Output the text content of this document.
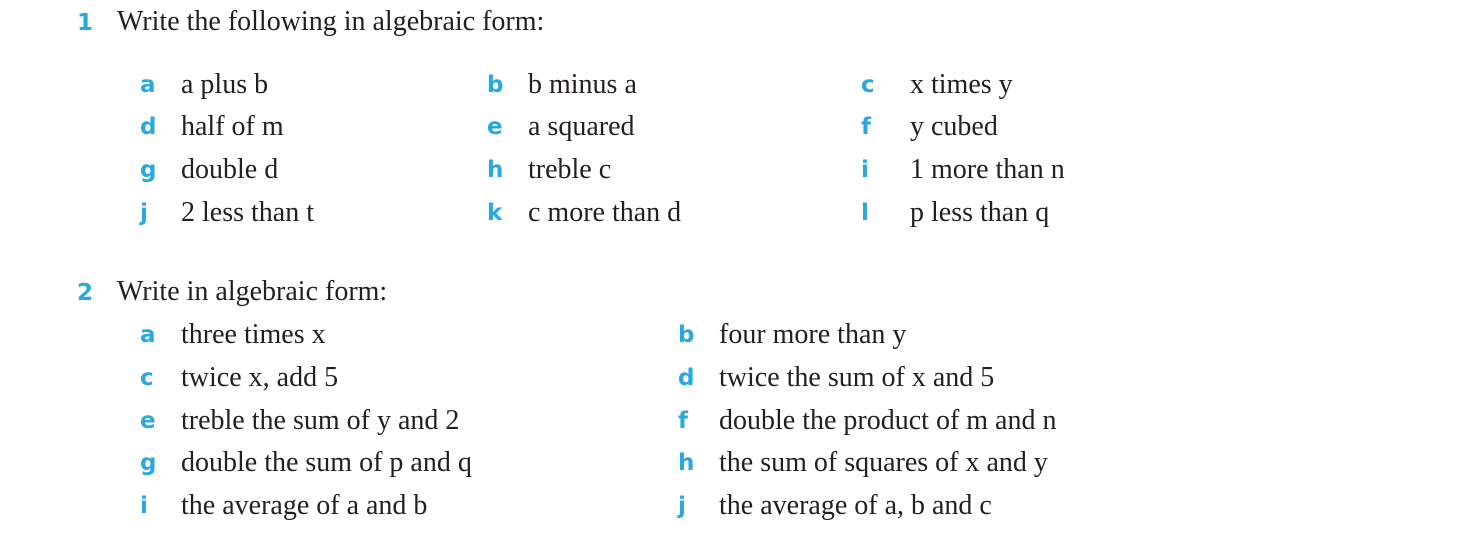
1 Write the following in algebraic form:
a a plus b	b b minus a	c x times y
d half of m	e a squared	f y cubed
g double d	h treble c	i 1 more than n
j 2 less than t	k c more than d	l p less than q
2 Write in algebraic form:
a three times x	b four more than y
c twice x, add 5	d twice the sum of x and 5
e treble the sum of y and 2	f double the product of m and n
g double the sum of p and q	h the sum of squares of x and y
i the average of a and b	j the average of a, b and c
